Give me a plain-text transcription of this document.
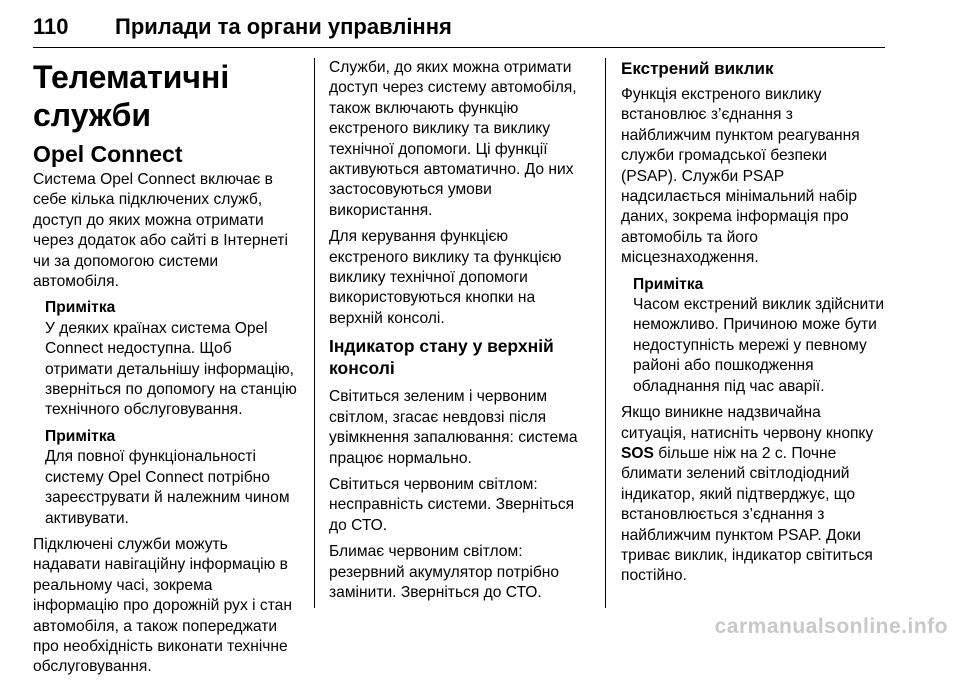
110 Прилади та органи управління
Телематичні служби
Opel Connect

Система Opel Connect включає в
себе кілька підключених служб,
доступ до яких можна отримати
через додаток або сайті в Інтернеті
чи за допомогою системи
автомобіля.

Примітка

У деяких країнах система Opel
Connect недоступна. Щоб
отримати детальнішу інформацію,
зверніться по допомогу на станцію
технічного обслуговування.

Примітка

Для повної функціональності
систему Opel Connect потрібно
зареєструвати й належним чином
активувати.

Підключені служби можуть
надавати навігаційну інформацію в
реальному часі, зокрема
інформацію про дорожній рух і стан
автомобіля, а також попереджати
про необхідність виконати технічне
обслуговування.

Служби, до яких можна отримати
доступ через систему автомобіля,
також включають функцію
екстреного виклику та виклику
технічної допомоги. Ці функції
активуються автоматично. До них
застосовуються умови
використання.

Для керування функцією
екстреного виклику та функцією
виклику технічної допомоги
використовуються кнопки на
верхній консолі.

Індикатор стану у верхній
консолі

Світиться зеленим і червоним
світлом, згасає невдовзі після
увімкнення запалювання: система
працює нормально.

Світиться червоним світлом:
несправність системи. Зверніться
до СТО.

Блимає червоним світлом:
резервний акумулятор потрібно
замінити. Зверніться до СТО.

Екстрений виклик

Функція екстреного виклику
встановлює з’єднання з
найближчим пунктом реагування
служби громадської безпеки
(PSAP). Служби PSAP
надсилається мінімальний набір
даних, зокрема інформація про
автомобіль та його
місцезнаходження.

Примітка

Часом екстрений виклик здійснити
неможливо. Причиною може бути
недоступність мережі у певному
районі або пошкодження
обладнання під час аварії.

Якщо виникне надзвичайна
ситуація, натисніть червону кнопку
SOS більше ніж на 2 с. Почне
блимати зелений світлодіодний
індикатор, який підтверджує, що
встановлюється з’єднання з
найближчим пунктом PSAP. Доки
триває виклик, індикатор світиться
постійно.

carmanualsonline.info
